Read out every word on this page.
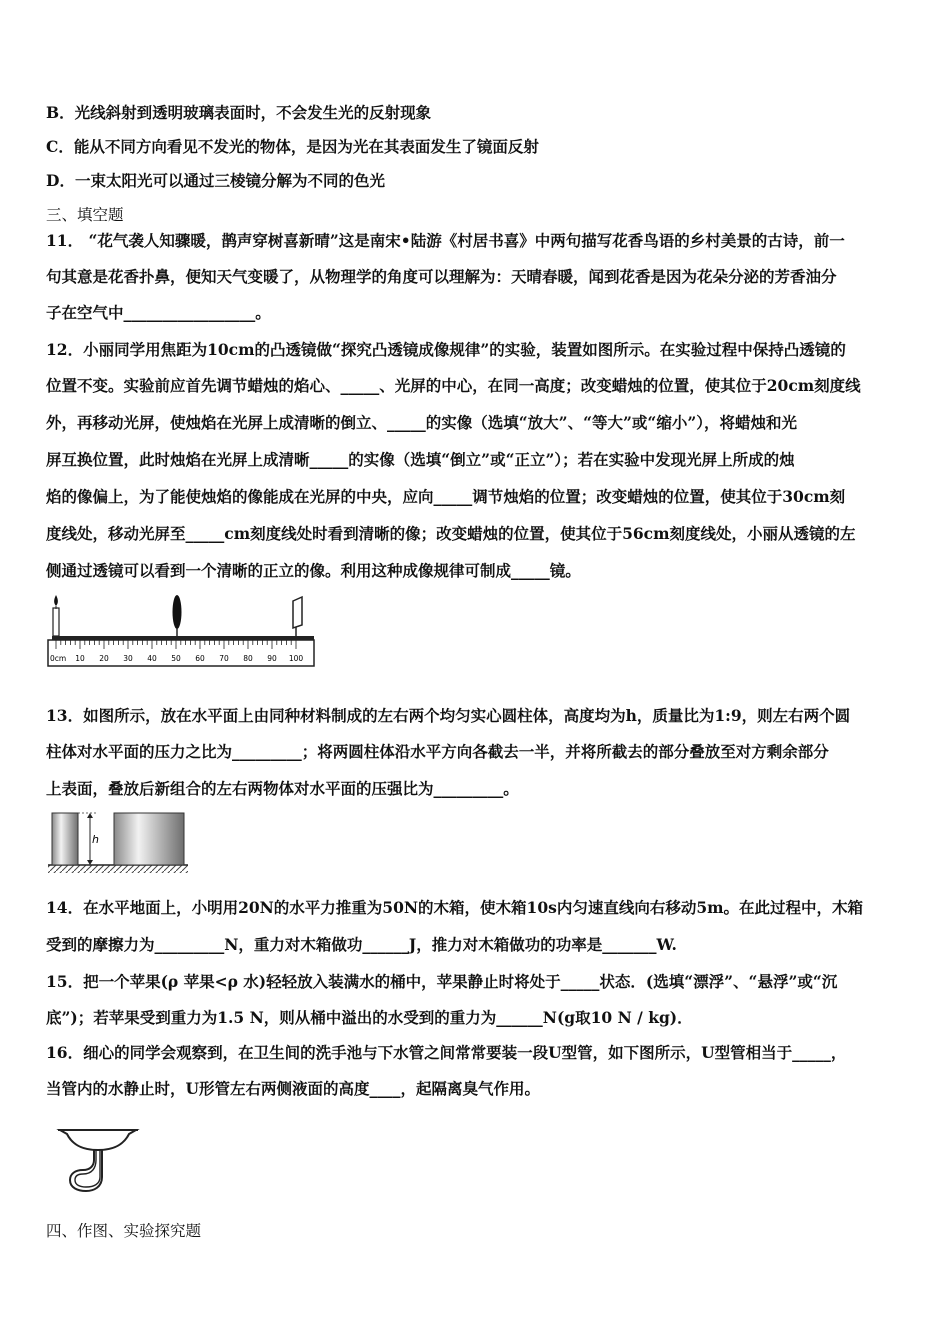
B．光线斜射到透明玻璃表面时，不会发生光的反射现象
C．能从不同方向看见不发光的物体，是因为光在其表面发生了镜面反射
D．一束太阳光可以通过三棱镜分解为不同的色光
三、填空题
11． “花气袭人知骤暖，鹊声穿树喜新晴”这是南宋•陆游《村居书喜》中两句描写花香鸟语的乡村美景的古诗，前一
句其意是花香扑鼻，便知天气变暖了，从物理学的角度可以理解为：天晴春暖，闻到花香是因为花朵分泌的芳香油分
子在空气中_________________。
12．小丽同学用焦距为10cm的凸透镜做“探究凸透镜成像规律”的实验，装置如图所示。在实验过程中保持凸透镜的
位置不变。实验前应首先调节蜡烛的焰心、_____、光屏的中心，在同一高度；改变蜡烛的位置，使其位于20cm刻度线
外，再移动光屏，使烛焰在光屏上成清晰的倒立、_____的实像（选填“放大”、“等大”或“缩小”），将蜡烛和光
屏互换位置，此时烛焰在光屏上成清晰_____的实像（选填“倒立”或“正立”）；若在实验中发现光屏上所成的烛
焰的像偏上，为了能使烛焰的像能成在光屏的中央，应向_____调节烛焰的位置；改变蜡烛的位置，使其位于30cm刻
度线处，移动光屏至_____cm刻度线处时看到清晰的像；改变蜡烛的位置，使其位于56cm刻度线处，小丽从透镜的左
侧通过透镜可以看到一个清晰的正立的像。利用这种成像规律可制成_____镜。
0cm 10 20 30 40 50 60 70 80 90 100
13．如图所示，放在水平面上由同种材料制成的左右两个均匀实心圆柱体，高度均为h，质量比为1:9，则左右两个圆
柱体对水平面的压力之比为_________；将两圆柱体沿水平方向各截去一半，并将所截去的部分叠放至对方剩余部分
上表面，叠放后新组合的左右两物体对水平面的压强比为_________。
h
14．在水平地面上，小明用20N的水平力推重为50N的木箱，使木箱10s内匀速直线向右移动5m。在此过程中，木箱
受到的摩擦力为_________N，重力对木箱做功______J，推力对木箱做功的功率是_______W.
15．把一个苹果(ρ 苹果<ρ 水)轻轻放入装满水的桶中，苹果静止时将处于_____状态．(选填“漂浮”、“悬浮”或“沉
底”)；若苹果受到重力为1.5 N，则从桶中溢出的水受到的重力为______N(g取10 N / kg)．
16．细心的同学会观察到，在卫生间的洗手池与下水管之间常常要装一段U型管，如下图所示，U型管相当于_____，
当管内的水静止时，U形管左右两侧液面的高度____，起隔离臭气作用。
四、作图、实验探究题
